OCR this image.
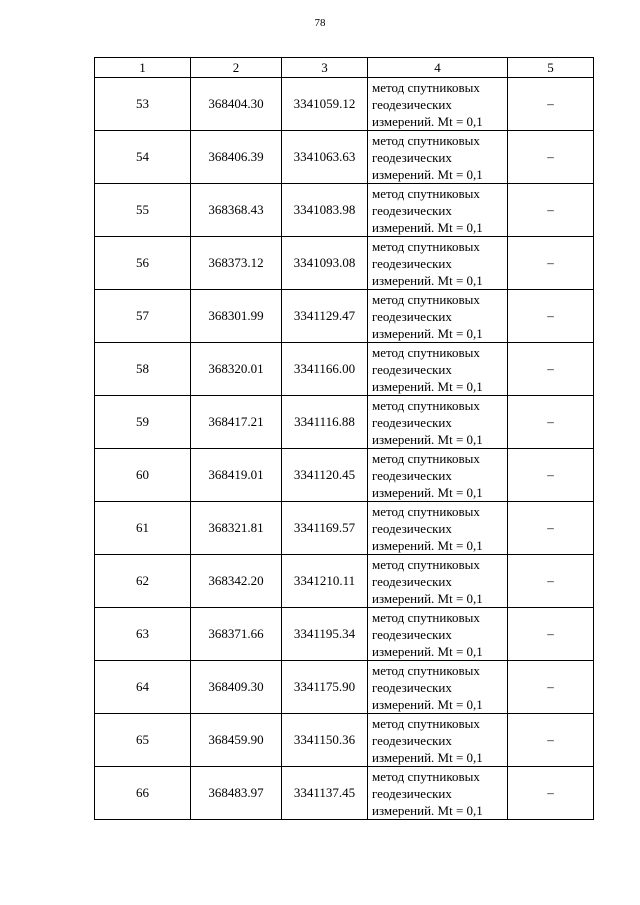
78
1	2	3	4	5
53	368404.30	3341059.12	метод спутниковых
геодезических
измерений. Mt = 0,1	–
54	368406.39	3341063.63	метод спутниковых
геодезических
измерений. Mt = 0,1	–
55	368368.43	3341083.98	метод спутниковых
геодезических
измерений. Mt = 0,1	–
56	368373.12	3341093.08	метод спутниковых
геодезических
измерений. Mt = 0,1	–
57	368301.99	3341129.47	метод спутниковых
геодезических
измерений. Mt = 0,1	–
58	368320.01	3341166.00	метод спутниковых
геодезических
измерений. Mt = 0,1	–
59	368417.21	3341116.88	метод спутниковых
геодезических
измерений. Mt = 0,1	–
60	368419.01	3341120.45	метод спутниковых
геодезических
измерений. Mt = 0,1	–
61	368321.81	3341169.57	метод спутниковых
геодезических
измерений. Mt = 0,1	–
62	368342.20	3341210.11	метод спутниковых
геодезических
измерений. Mt = 0,1	–
63	368371.66	3341195.34	метод спутниковых
геодезических
измерений. Mt = 0,1	–
64	368409.30	3341175.90	метод спутниковых
геодезических
измерений. Mt = 0,1	–
65	368459.90	3341150.36	метод спутниковых
геодезических
измерений. Mt = 0,1	–
66	368483.97	3341137.45	метод спутниковых
геодезических
измерений. Mt = 0,1	–
